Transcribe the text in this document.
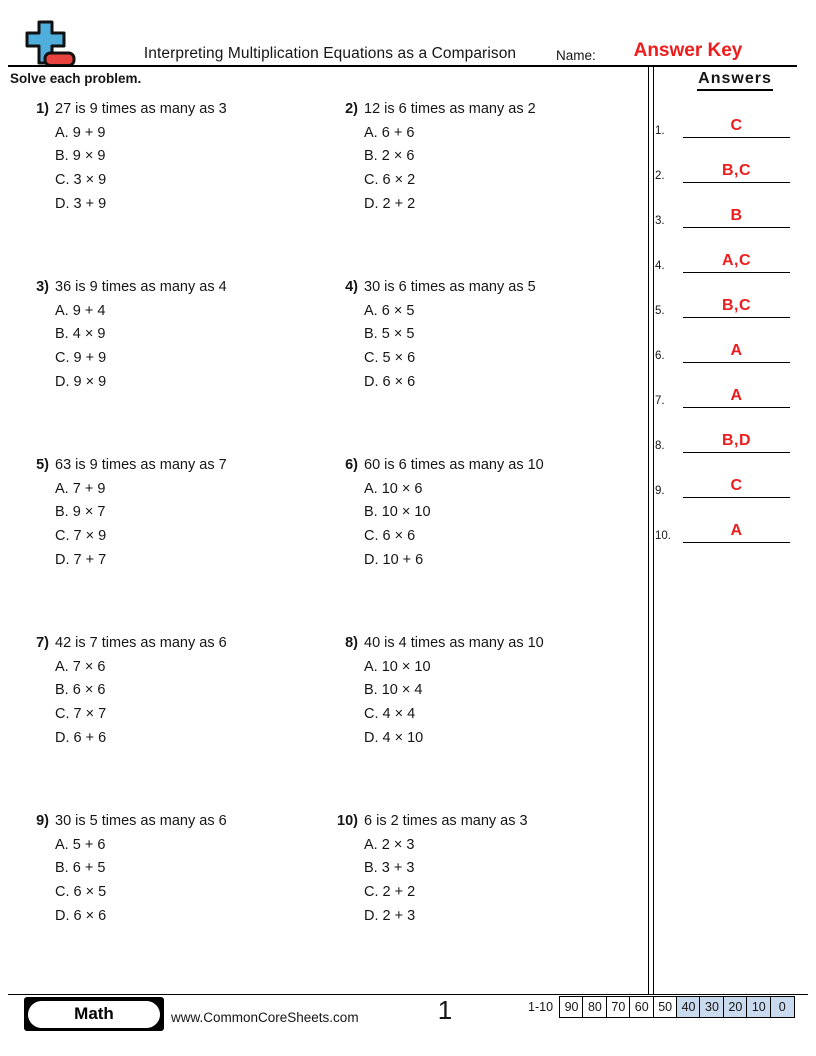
Interpreting Multiplication Equations as a Comparison	Name:	Answer Key
Solve each problem.	Answers
1.	C
2.	B,C
3.	B
4.	A,C
5.	B,C
6.	A
7.	A
8.	B,D
9.	C
10.	A
1) 27 is 9 times as many as 3
A. 9 + 9
B. 9 × 9
C. 3 × 9
D. 3 + 9
2) 12 is 6 times as many as 2
A. 6 + 6
B. 2 × 6
C. 6 × 2
D. 2 + 2
3) 36 is 9 times as many as 4
A. 9 + 4
B. 4 × 9
C. 9 + 9
D. 9 × 9
4) 30 is 6 times as many as 5
A. 6 × 5
B. 5 × 5
C. 5 × 6
D. 6 × 6
5) 63 is 9 times as many as 7
A. 7 + 9
B. 9 × 7
C. 7 × 9
D. 7 + 7
6) 60 is 6 times as many as 10
A. 10 × 6
B. 10 × 10
C. 6 × 6
D. 10 + 6
7) 42 is 7 times as many as 6
A. 7 × 6
B. 6 × 6
C. 7 × 7
D. 6 + 6
8) 40 is 4 times as many as 10
A. 10 × 10
B. 10 × 4
C. 4 × 4
D. 4 × 10
9) 30 is 5 times as many as 6
A. 5 + 6
B. 6 + 5
C. 6 × 5
D. 6 × 6
10) 6 is 2 times as many as 3
A. 2 × 3
B. 3 + 3
C. 2 + 2
D. 2 + 3
Math	www.CommonCoreSheets.com	1	1-10 90 80 70 60 50 40 30 20 10	0
